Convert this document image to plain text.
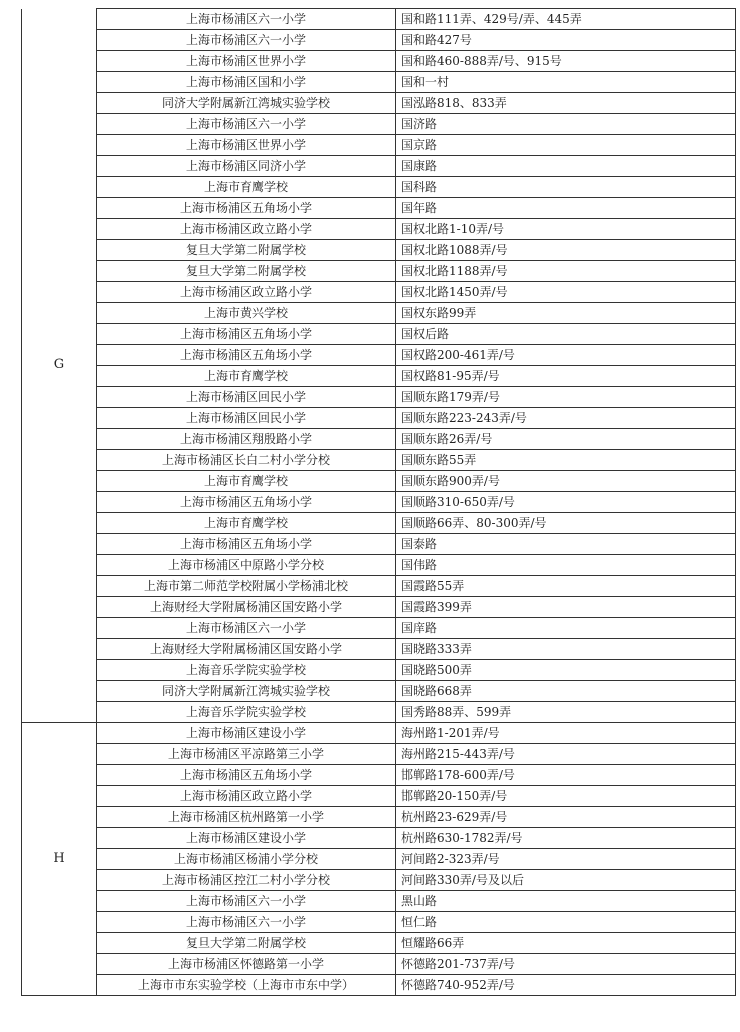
G	上海市杨浦区六一小学	国和路111弄、429号/弄、445弄
	上海市杨浦区六一小学	国和路427号
	上海市杨浦区世界小学	国和路460-888弄/号、915号
	上海市杨浦区国和小学	国和一村
	同济大学附属新江湾城实验学校	国泓路818、833弄
	上海市杨浦区六一小学	国济路
	上海市杨浦区世界小学	国京路
	上海市杨浦区同济小学	国康路
	上海市育鹰学校	国科路
	上海市杨浦区五角场小学	国年路
	上海市杨浦区政立路小学	国权北路1-10弄/号
	复旦大学第二附属学校	国权北路1088弄/号
	复旦大学第二附属学校	国权北路1188弄/号
	上海市杨浦区政立路小学	国权北路1450弄/号
	上海市黄兴学校	国权东路99弄
	上海市杨浦区五角场小学	国权后路
	上海市杨浦区五角场小学	国权路200-461弄/号
	上海市育鹰学校	国权路81-95弄/号
	上海市杨浦区回民小学	国顺东路179弄/号
	上海市杨浦区回民小学	国顺东路223-243弄/号
	上海市杨浦区翔殷路小学	国顺东路26弄/号
	上海市杨浦区长白二村小学分校	国顺东路55弄
	上海市育鹰学校	国顺东路900弄/号
	上海市杨浦区五角场小学	国顺路310-650弄/号
	上海市育鹰学校	国顺路66弄、80-300弄/号
	上海市杨浦区五角场小学	国泰路
	上海市杨浦区中原路小学分校	国伟路
	上海市第二师范学校附属小学杨浦北校	国霞路55弄
	上海财经大学附属杨浦区国安路小学	国霞路399弄
	上海市杨浦区六一小学	国庠路
	上海财经大学附属杨浦区国安路小学	国晓路333弄
	上海音乐学院实验学校	国晓路500弄
	同济大学附属新江湾城实验学校	国晓路668弄
	上海音乐学院实验学校	国秀路88弄、599弄
H	上海市杨浦区建设小学	海州路1-201弄/号
	上海市杨浦区平凉路第三小学	海州路215-443弄/号
	上海市杨浦区五角场小学	邯郸路178-600弄/号
	上海市杨浦区政立路小学	邯郸路20-150弄/号
	上海市杨浦区杭州路第一小学	杭州路23-629弄/号
	上海市杨浦区建设小学	杭州路630-1782弄/号
	上海市杨浦区杨浦小学分校	河间路2-323弄/号
	上海市杨浦区控江二村小学分校	河间路330弄/号及以后
	上海市杨浦区六一小学	黑山路
	上海市杨浦区六一小学	恒仁路
	复旦大学第二附属学校	恒耀路66弄
	上海市杨浦区怀德路第一小学	怀德路201-737弄/号
	上海市市东实验学校（上海市市东中学）	怀德路740-952弄/号
